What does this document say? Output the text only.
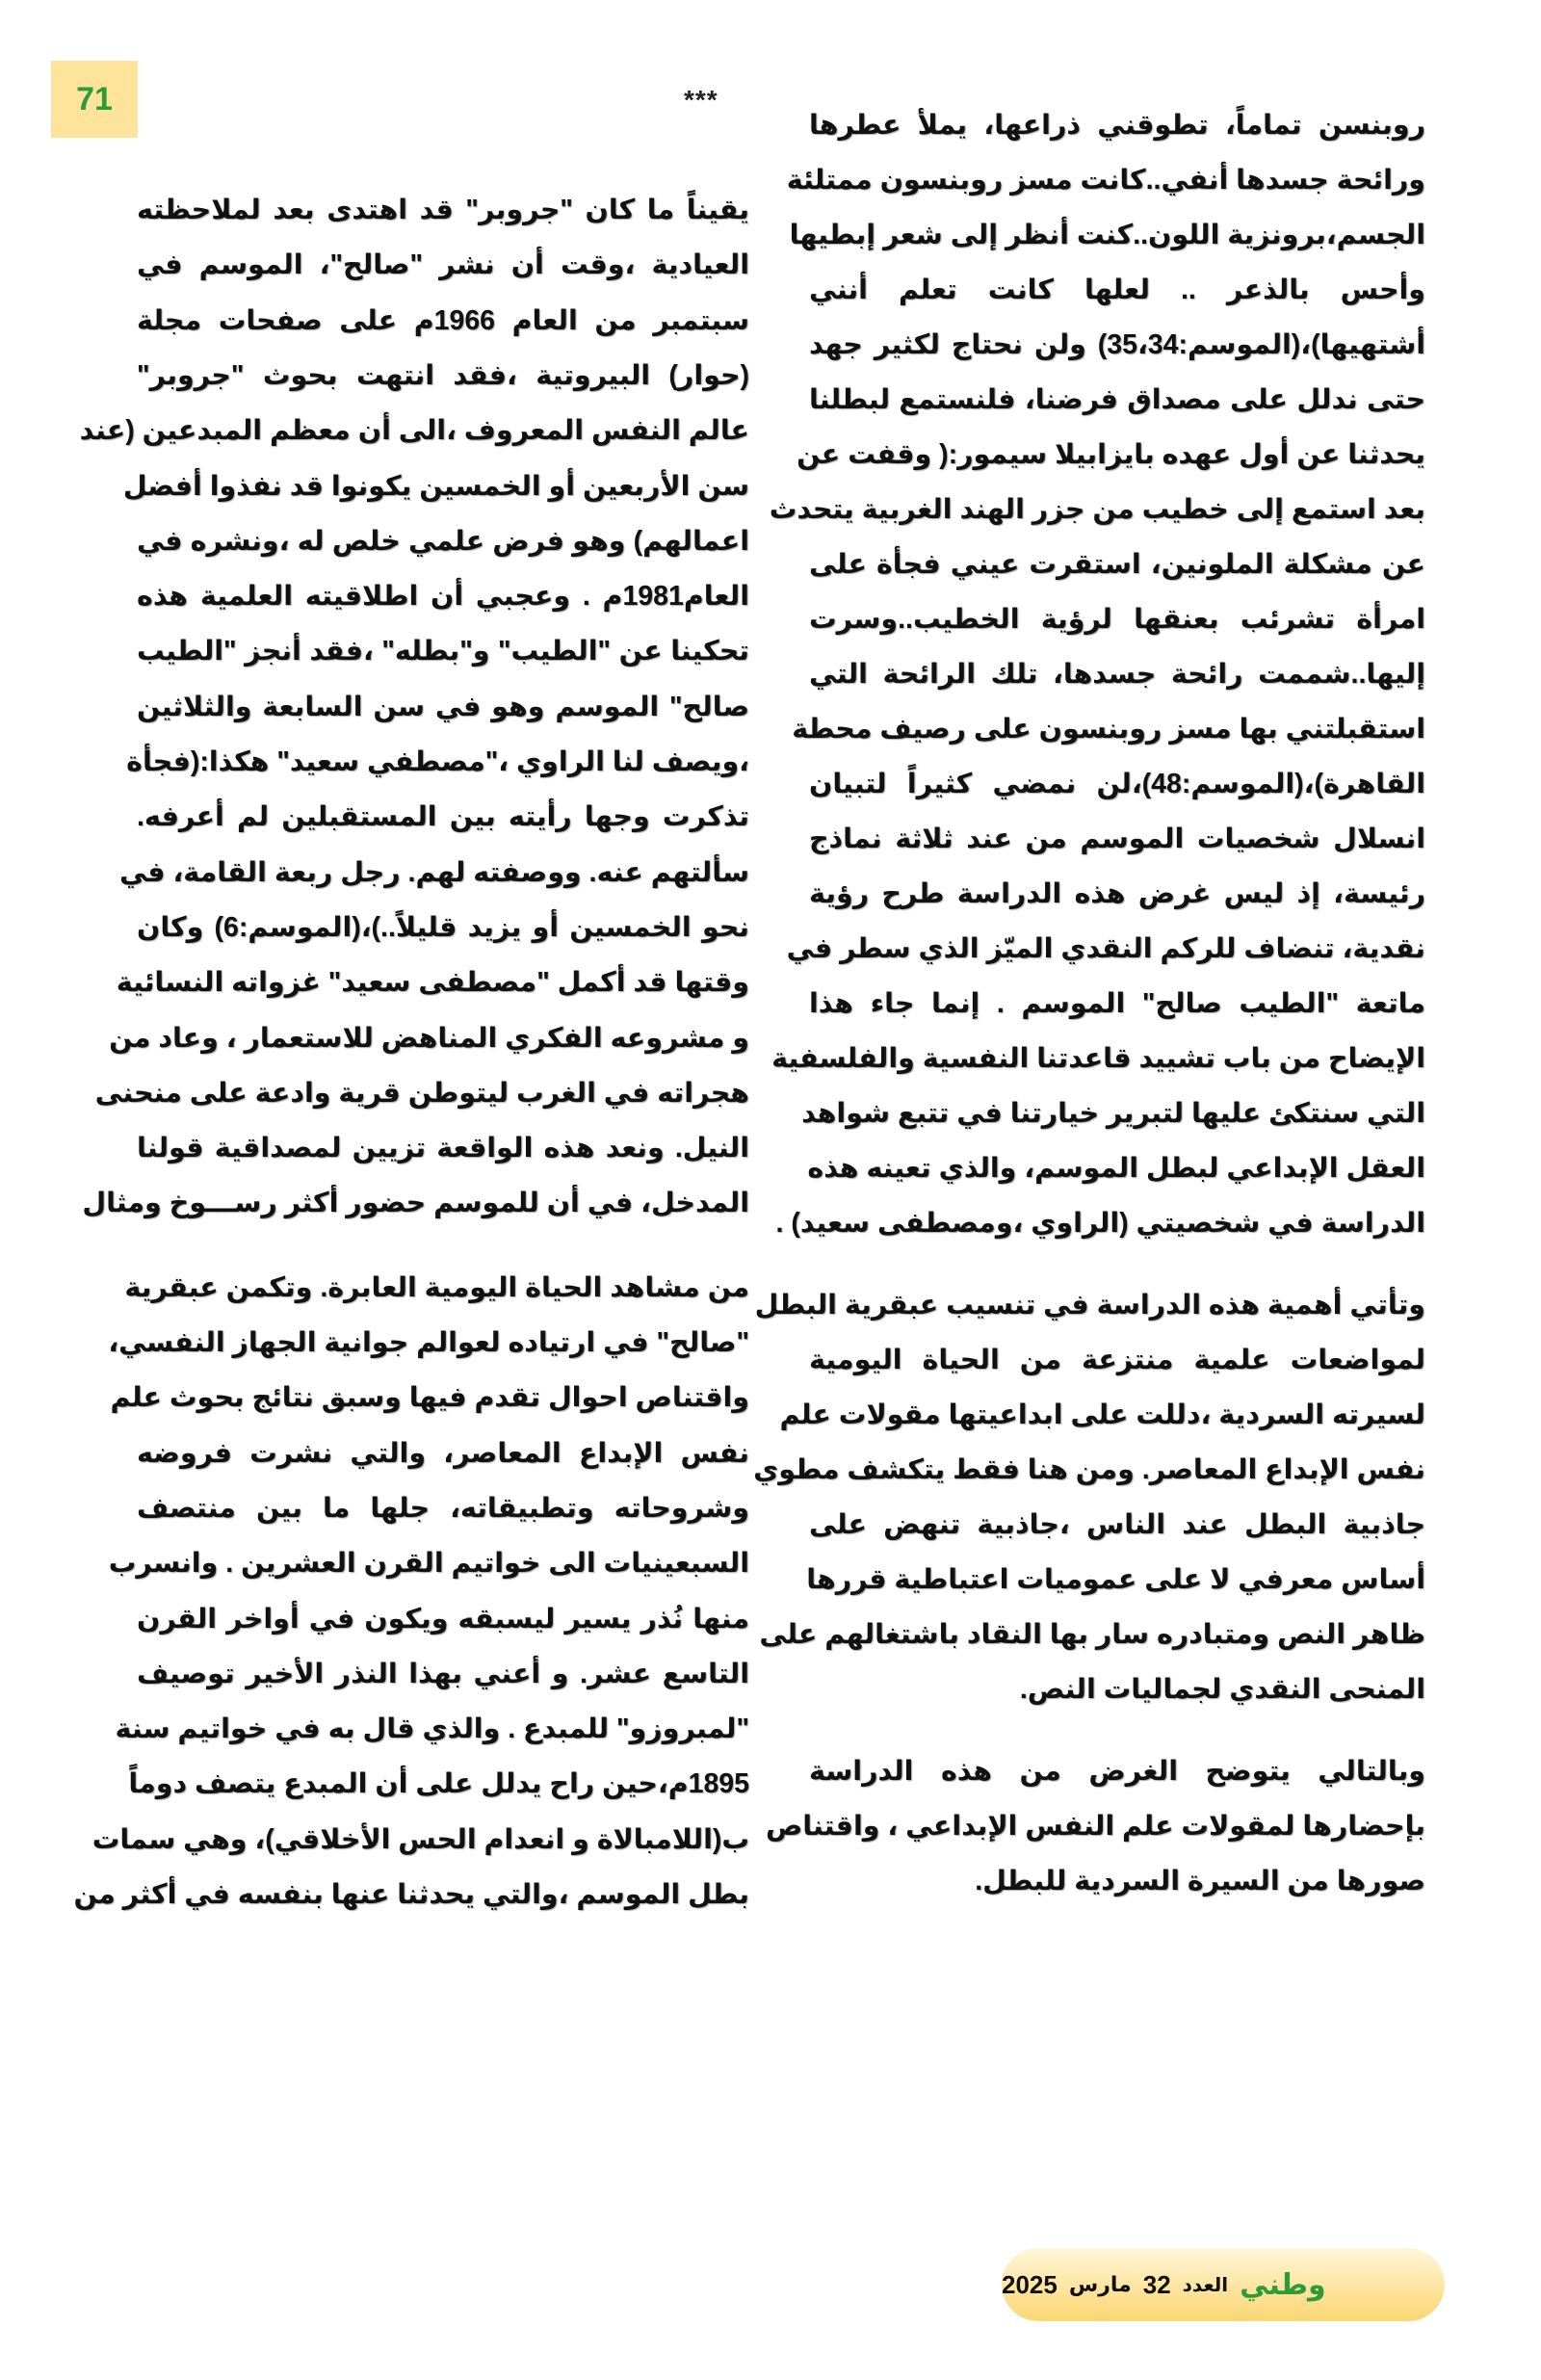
71	***
روبنسن تماماً، تطوقني ذراعها، يملأ عطرها
ورائحة جسدها أنفي..كانت مسز روبنسون ممتلئة
الجسم،برونزية اللون..كنت أنظر إلى شعر إبطيها
وأحس بالذعر .. لعلها كانت تعلم أنني
أشتهيها)،(الموسم:35،34) ولن نحتاج لكثير جهد
حتى ندلل على مصداق فرضنا، فلنستمع لبطلنا
يحدثنا عن أول عهده بايزابيلا سيمور:( وقفت عن
بعد استمع إلى خطيب من جزر الهند الغربية يتحدث
عن مشكلة الملونين، استقرت عيني فجأة على
امرأة تشرئب بعنقها لرؤية الخطيب..وسرت
إليها..شممت رائحة جسدها، تلك الرائحة التي
استقبلتني بها مسز روبنسون على رصيف محطة
القاهرة)،(الموسم:48)،لن نمضي كثيراً لتبيان
انسلال شخصيات الموسم من عند ثلاثة نماذج
رئيسة، إذ ليس غرض هذه الدراسة طرح رؤية
نقدية، تنضاف للركم النقدي الميّز الذي سطر في
ماتعة "الطيب صالح" الموسم . إنما جاء هذا
الإيضاح من باب تشييد قاعدتنا النفسية والفلسفية
التي سنتكئ عليها لتبرير خيارتنا في تتبع شواهد
العقل الإبداعي لبطل الموسم، والذي تعينه هذه
الدراسة في شخصيتي (الراوي ،ومصطفى سعيد) .
وتأتي أهمية هذه الدراسة في تنسيب عبقرية البطل
لمواضعات علمية منتزعة من الحياة اليومية
لسيرته السردية ،دللت على ابداعيتها مقولات علم
نفس الإبداع المعاصر. ومن هنا فقط يتكشف مطوي
جاذبية البطل عند الناس ،جاذبية تنهض على
أساس معرفي لا على عموميات اعتباطية قررها
ظاهر النص ومتبادره سار بها النقاد باشتغالهم على
المنحى النقدي لجماليات النص.
وبالتالي يتوضح الغرض من هذه الدراسة
بإحضارها لمقولات علم النفس الإبداعي ، واقتناص
صورها من السيرة السردية للبطل.
يقيناً ما كان "جروبر" قد اهتدى بعد لملاحظته
العيادية ،وقت أن نشر "صالح"، الموسم في
سبتمبر من العام 1966م على صفحات مجلة
(حوار) البيروتية ،فقد انتهت بحوث "جروبر"
عالم النفس المعروف ،الى أن معظم المبدعين (عند
سن الأربعين أو الخمسين يكونوا قد نفذوا أفضل
اعمالهم) وهو فرض علمي خلص له ،ونشره في
العام1981م . وعجبي أن اطلاقيته العلمية هذه
تحكينا عن "الطيب" و"بطله" ،فقد أنجز "الطيب
صالح" الموسم وهو في سن السابعة والثلاثين
،ويصف لنا الراوي ،"مصطفي سعيد" هكذا:(فجأة
تذكرت وجها رأيته بين المستقبلين لم أعرفه.
سألتهم عنه. ووصفته لهم. رجل ربعة القامة، في
نحو الخمسين أو يزيد قليلاً..)،(الموسم:6) وكان
وقتها قد أكمل "مصطفى سعيد" غزواته النسائية
و مشروعه الفكري المناهض للاستعمار ، وعاد من
هجراته في الغرب ليتوطن قرية وادعة على منحنى
النيل. ونعد هذه الواقعة تزيين لمصداقية قولنا
المدخل، في أن للموسم حضور أكثر رســـوخ ومثال
من مشاهد الحياة اليومية العابرة. وتكمن عبقرية
"صالح" في ارتياده لعوالم جوانية الجهاز النفسي،
واقتناص احوال تقدم فيها وسبق نتائج بحوث علم
نفس الإبداع المعاصر، والتي نشرت فروضه
وشروحاته وتطبيقاته، جلها ما بين منتصف
السبعينيات الى خواتيم القرن العشرين . وانسرب
منها نُذر يسير ليسبقه ويكون في أواخر القرن
التاسع عشر. و أعني بهذا النذر الأخير توصيف
"لمبروزو" للمبدع . والذي قال به في خواتيم سنة
1895م،حين راح يدلل على أن المبدع يتصف دوماً
ب(اللامبالاة و انعدام الحس الأخلاقي)، وهي سمات
بطل الموسم ،والتي يحدثنا عنها بنفسه في أكثر من
وطني
العدد
32
مارس
2025
